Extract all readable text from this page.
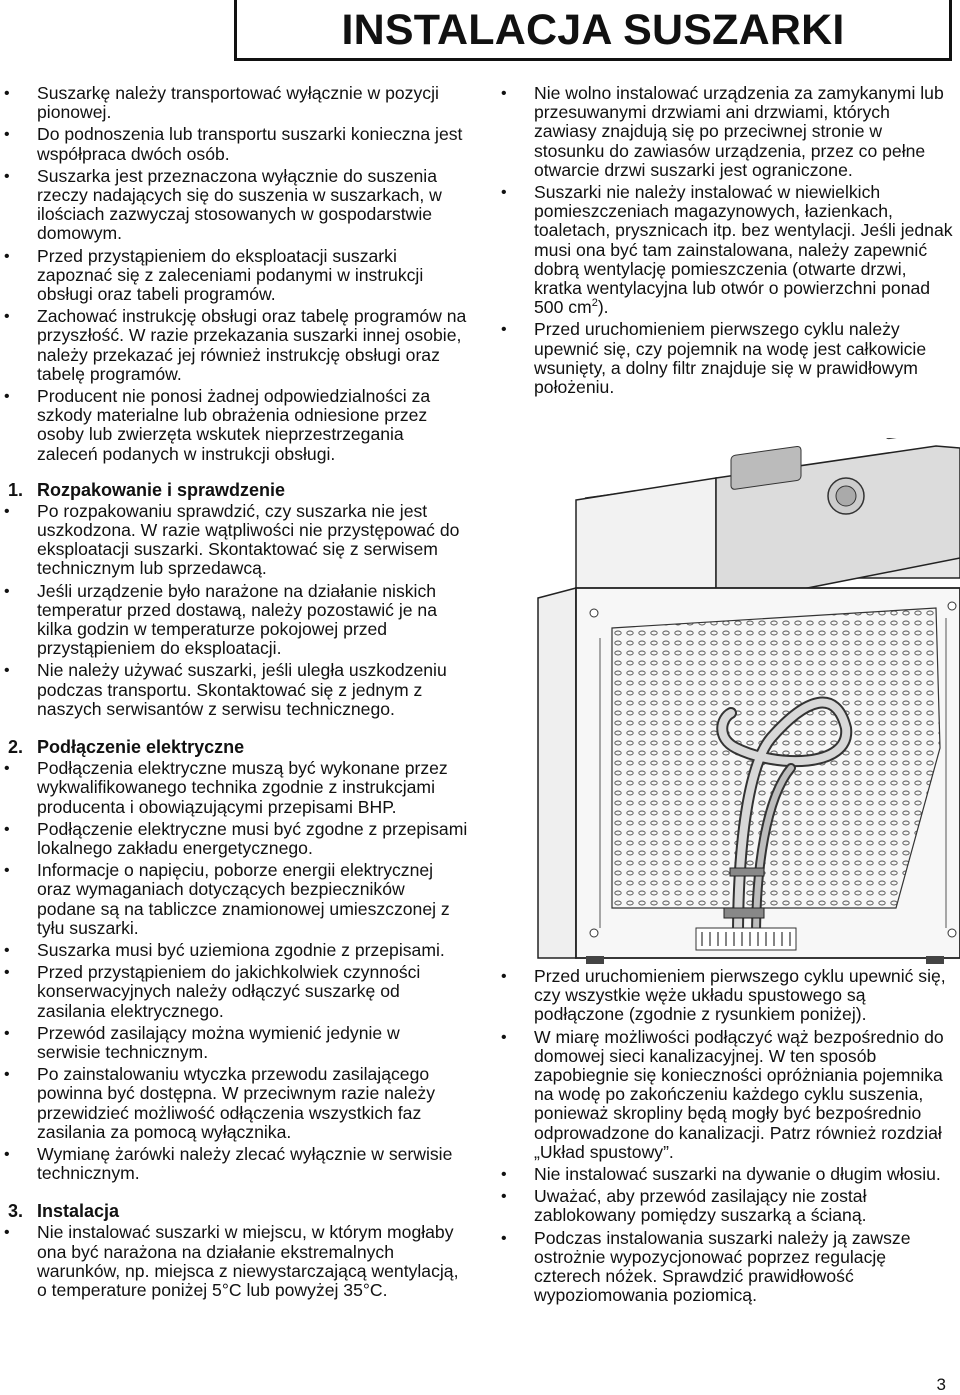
INSTALACJA SUSZARKI
• Suszarkę należy transportować wyłącznie w pozycji pionowej.
• Do podnoszenia lub transportu suszarki konieczna jest współpraca dwóch osób.
• Suszarka jest przeznaczona wyłącznie do suszenia rzeczy nadających się do suszenia w suszarkach, w ilościach zazwyczaj stosowanych w gospodarstwie domowym.
• Przed przystąpieniem do eksploatacji suszarki zapoznać się z zaleceniami podanymi w instrukcji obsługi oraz tabeli programów.
• Zachować instrukcję obsługi oraz tabelę programów na przyszłość. W razie przekazania suszarki innej osobie, należy przekazać jej również instrukcję obsługi oraz tabelę programów.
• Producent nie ponosi żadnej odpowiedzialności za szkody materialne lub obrażenia odniesione przez osoby lub zwierzęta wskutek nieprzestrzegania zaleceń podanych w instrukcji obsługi.
1. Rozpakowanie i sprawdzenie
• Po rozpakowaniu sprawdzić, czy suszarka nie jest uszkodzona. W razie wątpliwości nie przystępować do eksploatacji suszarki. Skontaktować się z serwisem technicznym lub sprzedawcą.
• Jeśli urządzenie było narażone na działanie niskich temperatur przed dostawą, należy pozostawić je na kilka godzin w temperaturze pokojowej przed przystąpieniem do eksploatacji.
• Nie należy używać suszarki, jeśli uległa uszkodzeniu podczas transportu. Skontaktować się z jednym z naszych serwisantów z serwisu technicznego.
2. Podłączenie elektryczne
• Podłączenia elektryczne muszą być wykonane przez wykwalifikowanego technika zgodnie z instrukcjami producenta i obowiązującymi przepisami BHP.
• Podłączenie elektryczne musi być zgodne z przepisami lokalnego zakładu energetycznego.
• Informacje o napięciu, poborze energii elektrycznej oraz wymaganiach dotyczących bezpieczników podane są na tabliczce znamionowej umieszczonej z tyłu suszarki.
• Suszarka musi być uziemiona zgodnie z przepisami.
• Przed przystąpieniem do jakichkolwiek czynności konserwacyjnych należy odłączyć suszarkę od zasilania elektrycznego.
• Przewód zasilający można wymienić jedynie w serwisie technicznym.
• Po zainstalowaniu wtyczka przewodu zasilającego powinna być dostępna. W przeciwnym razie należy przewidzieć możliwość odłączenia wszystkich faz zasilania za pomocą wyłącznika.
• Wymianę żarówki należy zlecać wyłącznie w serwisie technicznym.
3. Instalacja
• Nie instalować suszarki w miejscu, w którym mogłaby ona być narażona na działanie ekstremalnych warunków, np. miejsca z niewystarczającą wentylacją, o temperature poniżej 5°C lub powyżej 35°C.
• Nie wolno instalować urządzenia za zamykanymi lub przesuwanymi drzwiami ani drzwiami, których zawiasy znajdują się po przeciwnej stronie w stosunku do zawiasów urządzenia, przez co pełne otwarcie drzwi suszarki jest ograniczone.
• Suszarki nie należy instalować w niewielkich pomieszczeniach magazynowych, łazienkach, toaletach, prysznicach itp. bez wentylacji. Jeśli jednak musi ona być tam zainstalowana, należy zapewnić dobrą wentylację pomieszczenia (otwarte drzwi, kratka wentylacyjna lub otwór o powierzchni ponad 500 $cm^2$).
• Przed uruchomieniem pierwszego cyklu należy upewnić się, czy pojemnik na wodę jest całkowicie wsunięty, a dolny filtr znajduje się w prawidłowym położeniu.
• Przed uruchomieniem pierwszego cyklu upewnić się, czy wszystkie węże układu spustowego są podłączone (zgodnie z rysunkiem poniżej).
• W miarę możliwości podłączyć wąż bezpośrednio do domowej sieci kanalizacyjnej. W ten sposób zapobiegnie się konieczności opróżniania pojemnika na wodę po zakończeniu każdego cyklu suszenia, ponieważ skropliny będą mogły być bezpośrednio odprowadzone do kanalizacji. Patrz również rozdział „Układ spustowy”.
• Nie instalować suszarki na dywanie o długim włosiu.
• Uważać, aby przewód zasilający nie został zablokowany pomiędzy suszarką a ścianą.
• Podczas instalowania suszarki należy ją zawsze ostrożnie wypozycjonować poprzez regulację czterech nóżek. Sprawdzić prawidłowość wypoziomowania poziomicą.
3
